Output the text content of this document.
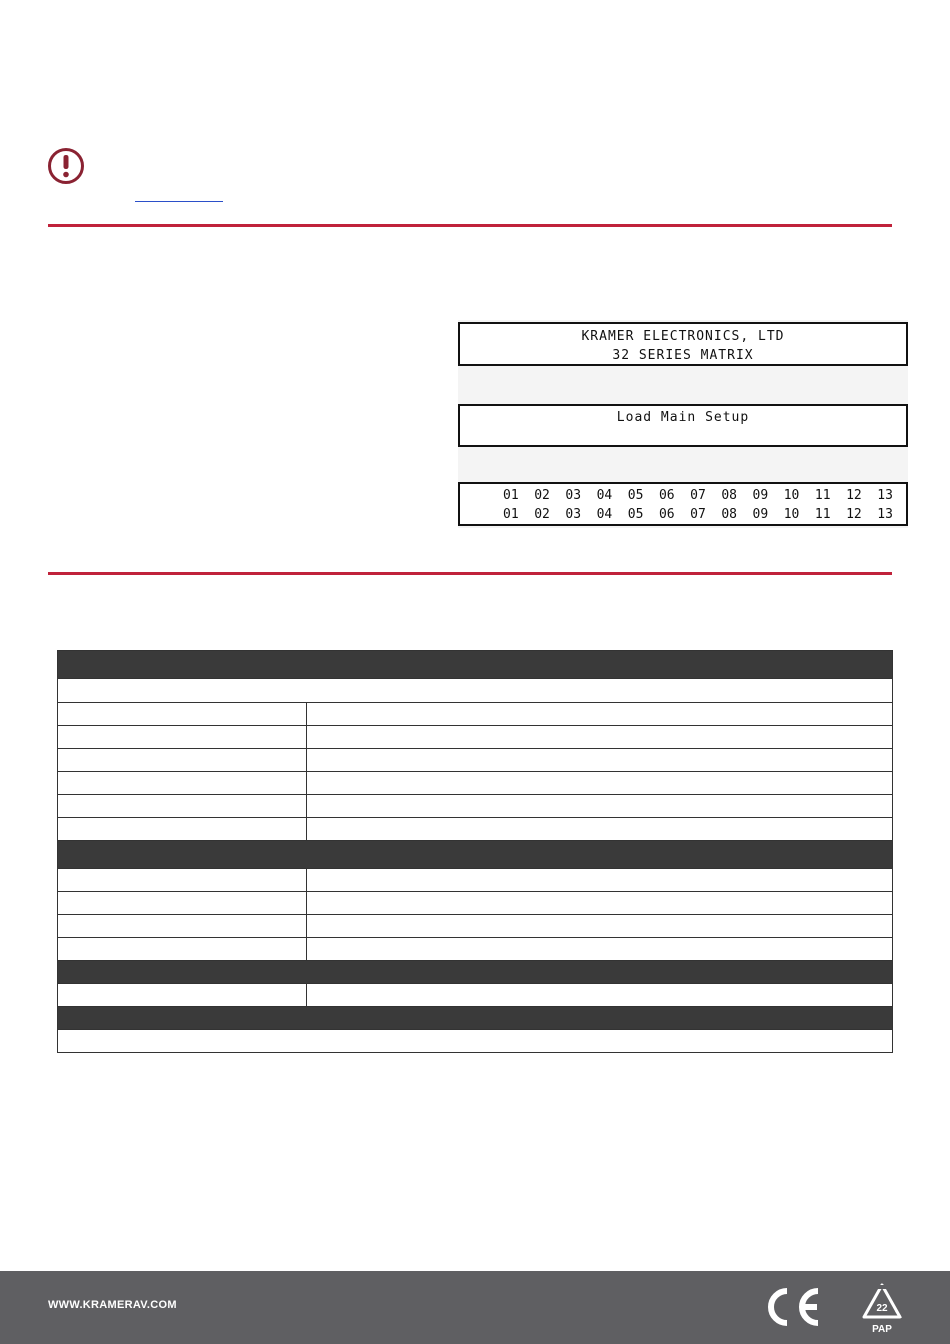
KRAMER ELECTRONICS, LTD
32 SERIES MATRIX
Load Main Setup
01	02	03	04	05	06	07	08	09	10	11	12	13
01	02	03	04	05	06	07	08	09	10	11	12	13

WWW.KRAMERAV.COM	22
PAP
